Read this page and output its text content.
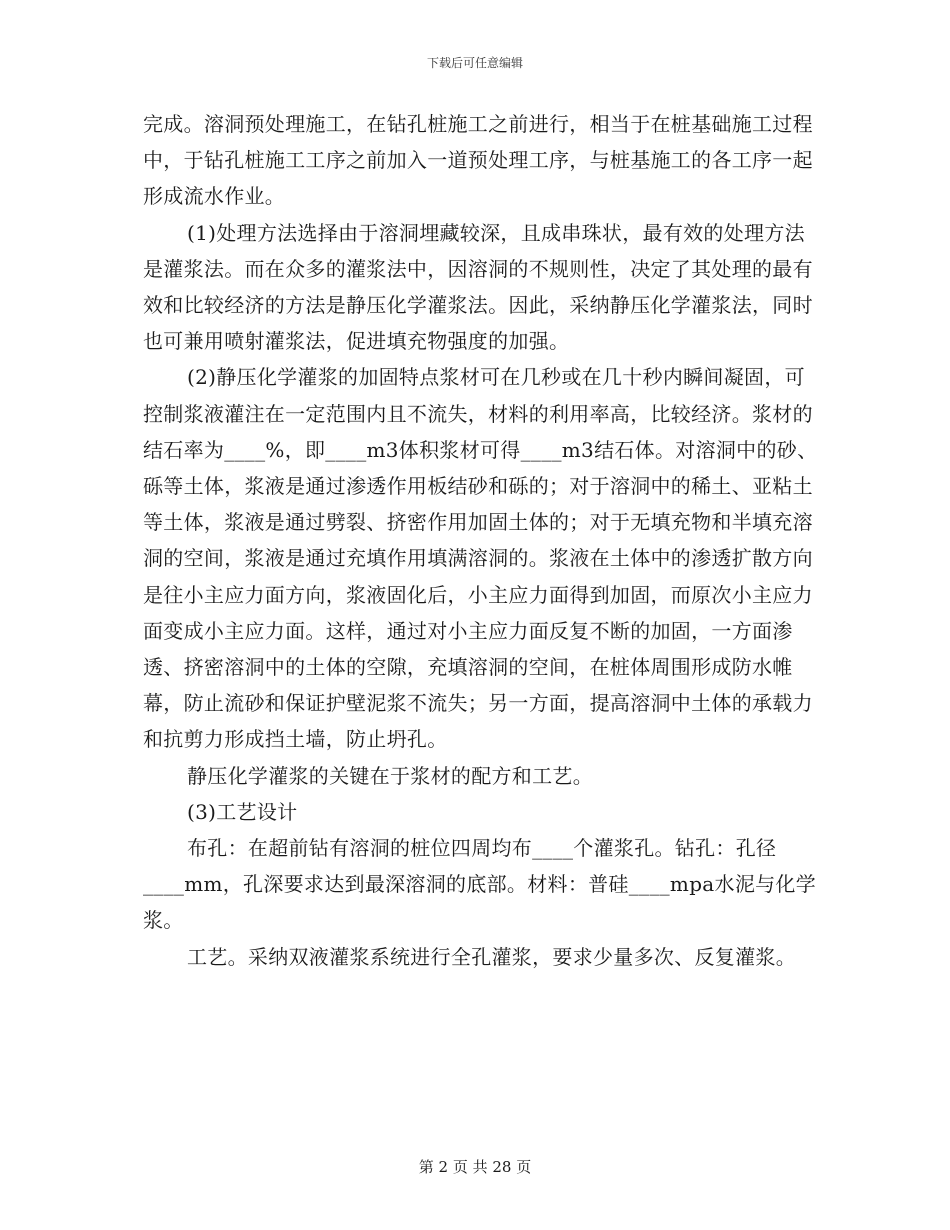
下载后可任意编辑

完成。溶洞预处理施工，在钻孔桩施工之前进行，相当于在桩基础施工过程中，于钻孔桩施工工序之前加入一道预处理工序，与桩基施工的各工序一起形成流水作业。

(1)处理方法选择由于溶洞埋藏较深，且成串珠状，最有效的处理方法是灌浆法。而在众多的灌浆法中，因溶洞的不规则性，决定了其处理的最有效和比较经济的方法是静压化学灌浆法。因此，采纳静压化学灌浆法，同时也可兼用喷射灌浆法，促进填充物强度的加强。

(2)静压化学灌浆的加固特点浆材可在几秒或在几十秒内瞬间凝固，可控制浆液灌注在一定范围内且不流失，材料的利用率高，比较经济。浆材的结石率为____%，即____m3体积浆材可得____m3结石体。对溶洞中的砂、砾等土体，浆液是通过渗透作用板结砂和砾的；对于溶洞中的稀土、亚粘土等土体，浆液是通过劈裂、挤密作用加固土体的；对于无填充物和半填充溶洞的空间，浆液是通过充填作用填满溶洞的。浆液在土体中的渗透扩散方向是往小主应力面方向，浆液固化后，小主应力面得到加固，而原次小主应力面变成小主应力面。这样，通过对小主应力面反复不断的加固，一方面渗透、挤密溶洞中的土体的空隙，充填溶洞的空间，在桩体周围形成防水帷幕，防止流砂和保证护壁泥浆不流失；另一方面，提高溶洞中土体的承载力和抗剪力形成挡土墙，防止坍孔。

静压化学灌浆的关键在于浆材的配方和工艺。

(3)工艺设计

布孔：在超前钻有溶洞的桩位四周均布____个灌浆孔。钻孔：孔径____mm，孔深要求达到最深溶洞的底部。材料：普硅____mpa水泥与化学浆。

工艺。采纳双液灌浆系统进行全孔灌浆，要求少量多次、反复灌浆。

第 2 页 共 28 页
